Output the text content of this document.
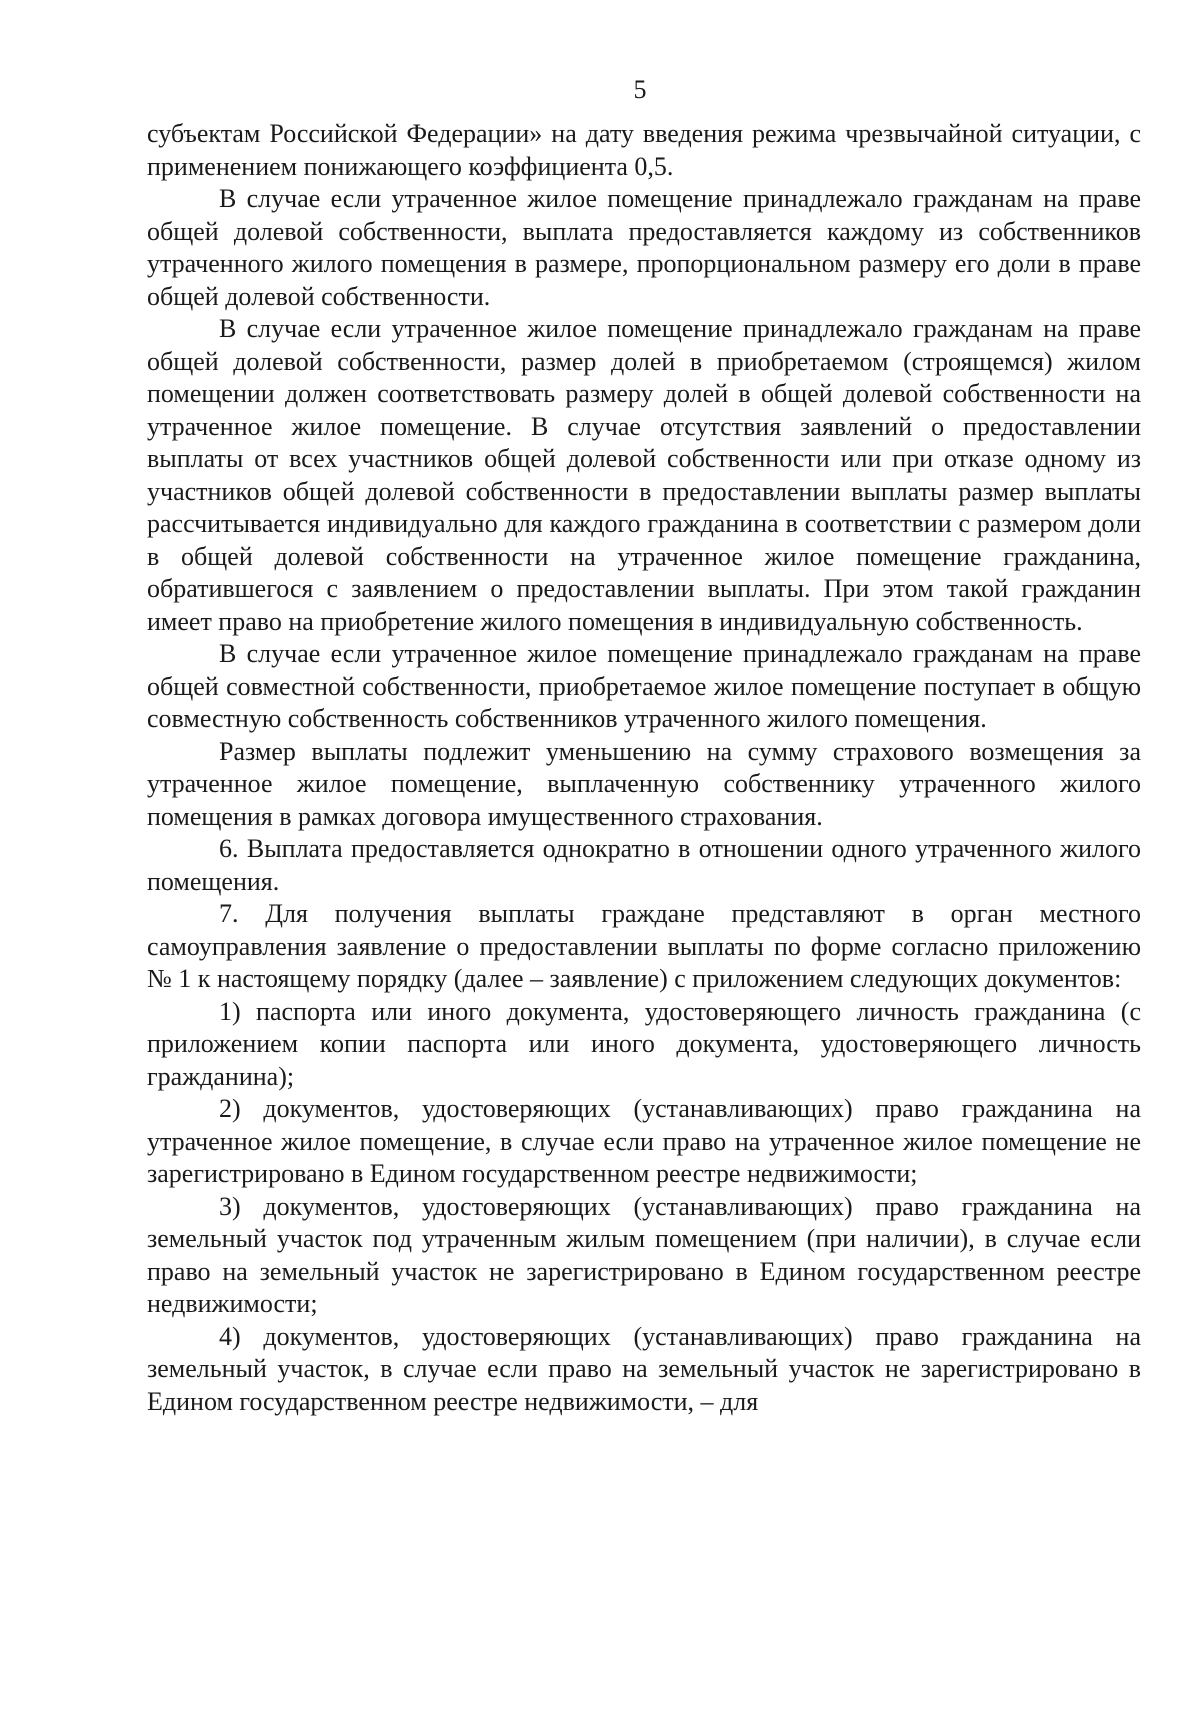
5

субъектам Российской Федерации» на дату введения режима чрезвычайной ситуации, с применением понижающего коэффициента 0,5.

В случае если утраченное жилое помещение принадлежало гражданам на праве общей долевой собственности, выплата предоставляется каждому из собственников утраченного жилого помещения в размере, пропорциональном размеру его доли в праве общей долевой собственности.

В случае если утраченное жилое помещение принадлежало гражданам на праве общей долевой собственности, размер долей в приобретаемом (строящемся) жилом помещении должен соответствовать размеру долей в общей долевой собственности на утраченное жилое помещение. В случае отсутствия заявлений о предоставлении выплаты от всех участников общей долевой собственности или при отказе одному из участников общей долевой собственности в предоставлении выплаты размер выплаты рассчитывается индивидуально для каждого гражданина в соответствии с размером доли в общей долевой собственности на утраченное жилое помещение гражданина, обратившегося с заявлением о предоставлении выплаты. При этом такой гражданин имеет право на приобретение жилого помещения в индивидуальную собственность.

В случае если утраченное жилое помещение принадлежало гражданам на праве общей совместной собственности, приобретаемое жилое помещение поступает в общую совместную собственность собственников утраченного жилого помещения.

Размер выплаты подлежит уменьшению на сумму страхового возмещения за утраченное жилое помещение, выплаченную собственнику утраченного жилого помещения в рамках договора имущественного страхования.

6. Выплата предоставляется однократно в отношении одного утраченного жилого помещения.

7. Для получения выплаты граждане представляют в орган местного самоуправления заявление о предоставлении выплаты по форме согласно приложению № 1 к настоящему порядку (далее – заявление) с приложением следующих документов:

1) паспорта или иного документа, удостоверяющего личность гражданина (с приложением копии паспорта или иного документа, удостоверяющего личность гражданина);

2) документов, удостоверяющих (устанавливающих) право гражданина на утраченное жилое помещение, в случае если право на утраченное жилое помещение не зарегистрировано в Едином государственном реестре недвижимости;

3) документов, удостоверяющих (устанавливающих) право гражданина на земельный участок под утраченным жилым помещением (при наличии), в случае если право на земельный участок не зарегистрировано в Едином государственном реестре недвижимости;

4) документов, удостоверяющих (устанавливающих) право гражданина на земельный участок, в случае если право на земельный участок не зарегистрировано в Едином государственном реестре недвижимости, – для
